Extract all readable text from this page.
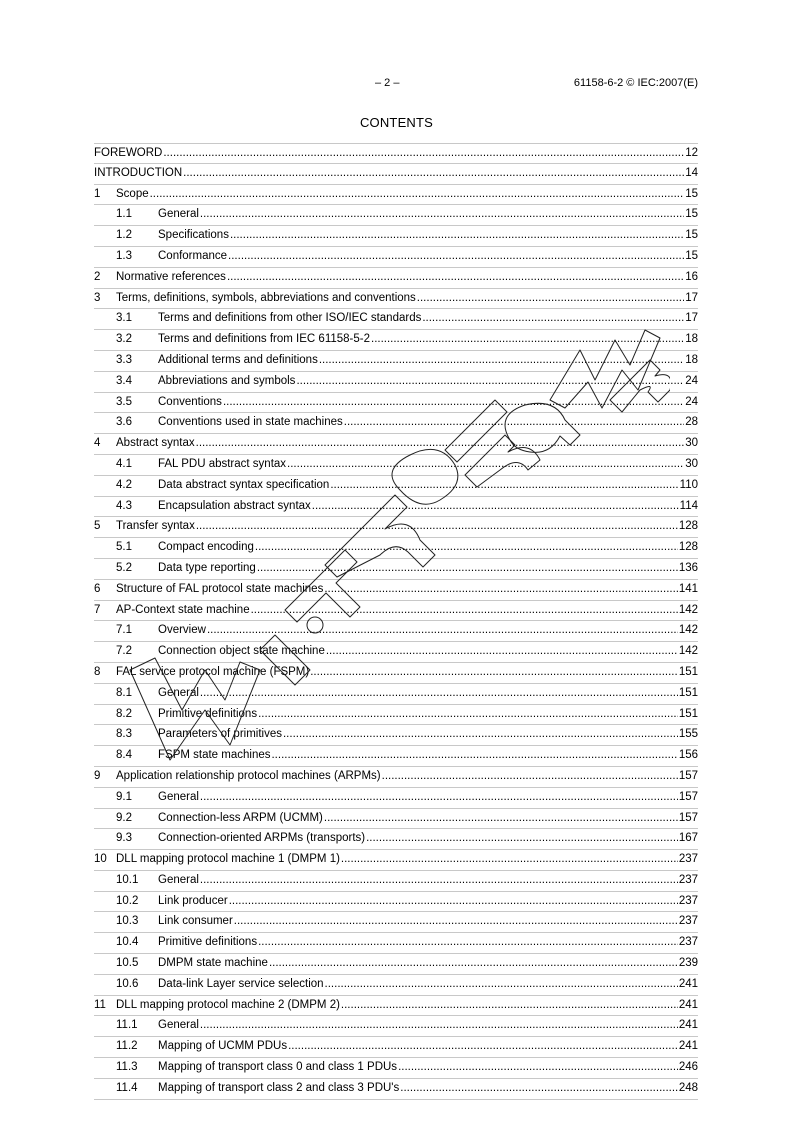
– 2 –	61158-6-2 © IEC:2007(E)
CONTENTS
FOREWORD .....	12
INTRODUCTION .....	14
1	Scope .....	15
1.1	General .....	15
1.2	Specifications .....	15
1.3	Conformance .....	15
2	Normative references .....	16
3	Terms, definitions, symbols, abbreviations and conventions .....	17
3.1	Terms and definitions from other ISO/IEC standards .....	17
3.2	Terms and definitions from IEC 61158-5-2 .....	18
3.3	Additional terms and definitions .....	18
3.4	Abbreviations and symbols .....	24
3.5	Conventions .....	24
3.6	Conventions used in state machines .....	28
4	Abstract syntax .....	30
4.1	FAL PDU abstract syntax .....	30
4.2	Data abstract syntax specification .....	110
4.3	Encapsulation abstract syntax .....	114
5	Transfer syntax .....	128
5.1	Compact encoding .....	128
5.2	Data type reporting .....	136
6	Structure of FAL protocol state machines .....	141
7	AP-Context state machine .....	142
7.1	Overview .....	142
7.2	Connection object state machine .....	142
8	FAL service protocol machine (FSPM) .....	151
8.1	General .....	151
8.2	Primitive definitions .....	151
8.3	Parameters of primitives .....	155
8.4	FSPM state machines .....	156
9	Application relationship protocol machines (ARPMs) .....	157
9.1	General .....	157
9.2	Connection-less ARPM (UCMM) .....	157
9.3	Connection-oriented ARPMs (transports) .....	167
10 DLL mapping protocol machine 1 (DMPM 1) .....	237
10.1	General .....	237
10.2	Link producer .....	237
10.3	Link consumer .....	237
10.4	Primitive definitions .....	237
10.5	DMPM state machine .....	239
10.6	Data-link Layer service selection .....	241
11 DLL mapping protocol machine 2 (DMPM 2) .....	241
11.1	General .....	241
11.2	Mapping of UCMM PDUs .....	241
11.3	Mapping of transport class 0 and class 1 PDUs .....	246
11.4	Mapping of transport class 2 and class 3 PDU's .....	248
